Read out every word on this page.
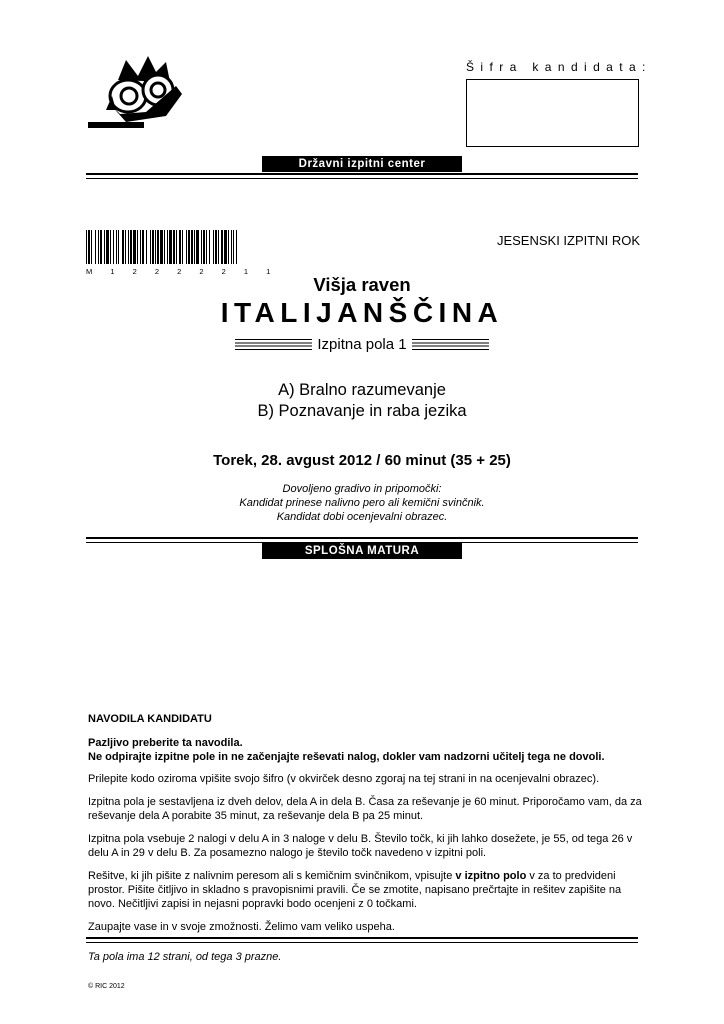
Šifra kandidata:
Državni izpitni center
M 1 2 2 2 2 2 1 1
JESENSKI IZPITNI ROK
Višja raven
ITALIJANŠČINA
Izpitna pola 1
A) Bralno razumevanje
B) Poznavanje in raba jezika
Torek, 28. avgust 2012 / 60 minut (35 + 25)
Dovoljeno gradivo in pripomočki:
Kandidat prinese nalivno pero ali kemični svinčnik.
Kandidat dobi ocenjevalni obrazec.
SPLOŠNA MATURA
NAVODILA KANDIDATU

Pazljivo preberite ta navodila.
Ne odpirajte izpitne pole in ne začenjajte reševati nalog, dokler vam nadzorni učitelj tega ne dovoli.

Prilepite kodo oziroma vpišite svojo šifro (v okvirček desno zgoraj na tej strani in na ocenjevalni obrazec).

Izpitna pola je sestavljena iz dveh delov, dela A in dela B. Časa za reševanje je 60 minut. Priporočamo vam, da za reševanje dela A porabite 35 minut, za reševanje dela B pa 25 minut.

Izpitna pola vsebuje 2 nalogi v delu A in 3 naloge v delu B. Število točk, ki jih lahko dosežete, je 55, od tega 26 v delu A in 29 v delu B. Za posamezno nalogo je število točk navedeno v izpitni poli.

Rešitve, ki jih pišite z nalivnim peresom ali s kemičnim svinčnikom, vpisujte v izpitno polo v za to predvideni prostor. Pišite čitljivo in skladno s pravopisnimi pravili. Če se zmotite, napisano prečrtajte in rešitev zapišite na novo. Nečitljivi zapisi in nejasni popravki bodo ocenjeni z 0 točkami.

Zaupajte vase in v svoje zmožnosti. Želimo vam veliko uspeha.

Ta pola ima 12 strani, od tega 3 prazne.
© RIC 2012
